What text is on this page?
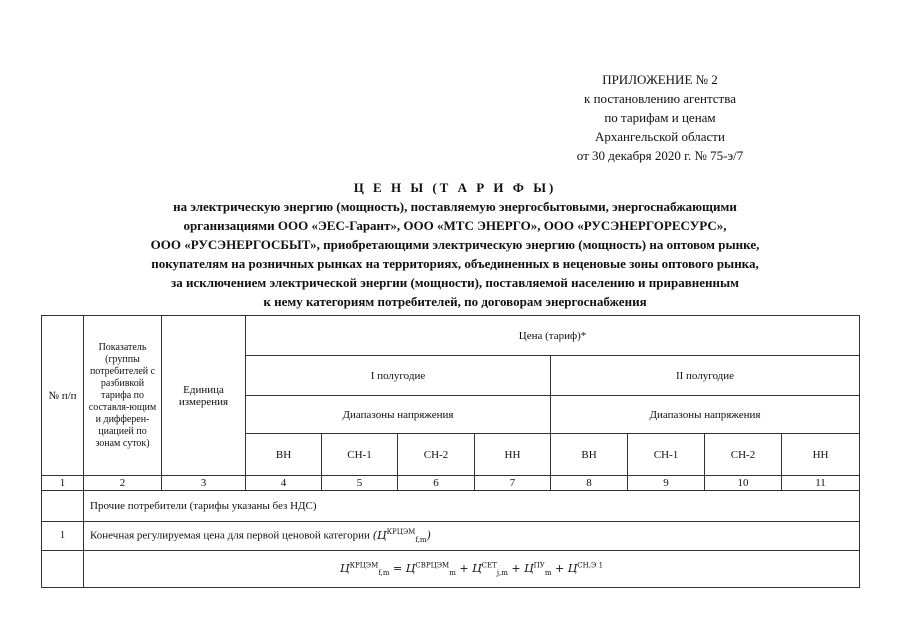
ПРИЛОЖЕНИЕ № 2
к постановлению агентства
по тарифам и ценам
Архангельской области
от 30 декабря 2020 г. № 75-э/7
Ц Е Н Ы (Т А Р И Ф Ы)
на электрическую энергию (мощность), поставляемую энергосбытовыми, энергоснабжающими
организациями ООО «ЭЕС-Гарант», ООО «МТС ЭНЕРГО», ООО «РУСЭНЕРГОРЕСУРС»,
ООО «РУСЭНЕРГОСБЫТ», приобретающими электрическую энергию (мощность) на оптовом рынке,
покупателям на розничных рынках на территориях, объединенных в неценовые зоны оптового рынка,
за исключением электрической энергии (мощности), поставляемой населению и приравненным
к нему категориям потребителей, по договорам энергоснабжения
№ п/п	Показатель (группы потребителей с разбивкой тарифа по составля-ющим и дифферен-циацией по зонам суток)	Единица измерения	Цена (тариф)*							
			I полугодие				II полугодие			
			Диапазоны напряжения				Диапазоны напряжения			
			ВН	СН-1	СН-2	НН	ВН	СН-1	СН-2	НН
1	2	3	4	5	6	7	8	9	10	11
	Прочие потребители (тарифы указаны без НДС)									
1	Конечная регулируемая цена для первой ценовой категории $(Ц^{КРЦЭМ}_{f,m})$									
	$Ц^{КРЦЭМ}_{f,m} = Ц^{СВРЦЭМ}_m + Ц^{СЕТ}_{j,m} + Ц^{ПУ}_m + Ц^{СН,Э 1}$
